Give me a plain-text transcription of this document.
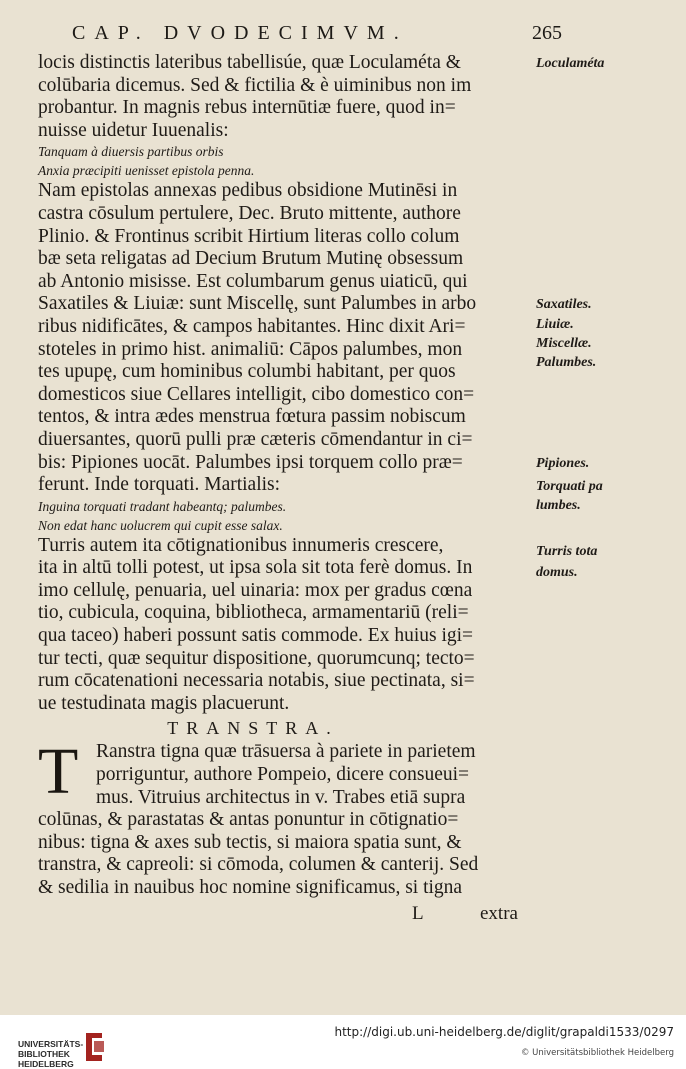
CAP. DVODECIMVM.	265
locis distinctis lateribus tabellisúe, quæ Loculaméta &
colūbaria dicemus. Sed & fictilia & è uiminibus non im
probantur. In magnis rebus internūtiæ fuere, quod in=
nuisse uidetur Iuuenalis:
Tanquam à diuersis partibus orbis
Anxia præcipiti uenisset epistola penna.
Nam epistolas annexas pedibus obsidione Mutinēsi in
castra cōsulum pertulere, Dec. Bruto mittente, authore
Plinio. & Frontinus scribit Hirtium literas collo colum
bæ seta religatas ad Decium Brutum Mutinę obsessum
ab Antonio misisse. Est columbarum genus uiaticū, qui
Saxatiles & Liuiæ: sunt Miscellę, sunt Palumbes in arbo
ribus nidificātes, & campos habitantes. Hinc dixit Ari=
stoteles in primo hist. animaliū: Cāpos palumbes, mon
tes upupę, cum hominibus columbi habitant, per quos
domesticos siue Cellares intelligit, cibo domestico con=
tentos, & intra ædes menstrua fœtura passim nobiscum
diuersantes, quorū pulli præ cæteris cōmendantur in ci=
bis: Pipiones uocāt. Palumbes ipsi torquem collo præ=
ferunt. Inde torquati. Martialis:
Inguina torquati tradant habeantq; palumbes.
Non edat hanc uolucrem qui cupit esse salax.
Turris autem ita cōtignationibus innumeris crescere,
ita in altū tolli potest, ut ipsa sola sit tota ferè domus. In
imo cellulę, penuaria, uel uinaria: mox per gradus cœna
tio, cubicula, coquina, bibliotheca, armamentariū (reli=
qua taceo) haberi possunt satis commode. Ex huius igi=
tur tecti, quæ sequitur dispositione, quorumcunq; tecto=
rum cōcatenationi necessaria notabis, siue pectinata, si=
ue testudinata magis placuerunt.
TRANSTRA.
T Ranstra tigna quæ trāsuersa à pariete in parietem
porriguntur, authore Pompeio, dicere consueui=
mus. Vitruius architectus in v. Trabes etiā supra
colūnas, & parastatas & antas ponuntur in cōtignatio=
nibus: tigna & axes sub tectis, si maiora spatia sunt, &
transtra, & capreoli: si cōmoda, columen & canterij. Sed
& sedilia in nauibus hoc nomine significamus, si tigna
L	extra
Loculaméta
Saxatiles.
Liuiæ.
Miscellæ.
Palumbes.
Pipiones.
Torquati pa
lumbes.
Turris tota
domus.
UNIVERSITÄTS-
BIBLIOTHEK
HEIDELBERG
http://digi.ub.uni-heidelberg.de/diglit/grapaldi1533/0297
© Universitätsbibliothek Heidelberg
